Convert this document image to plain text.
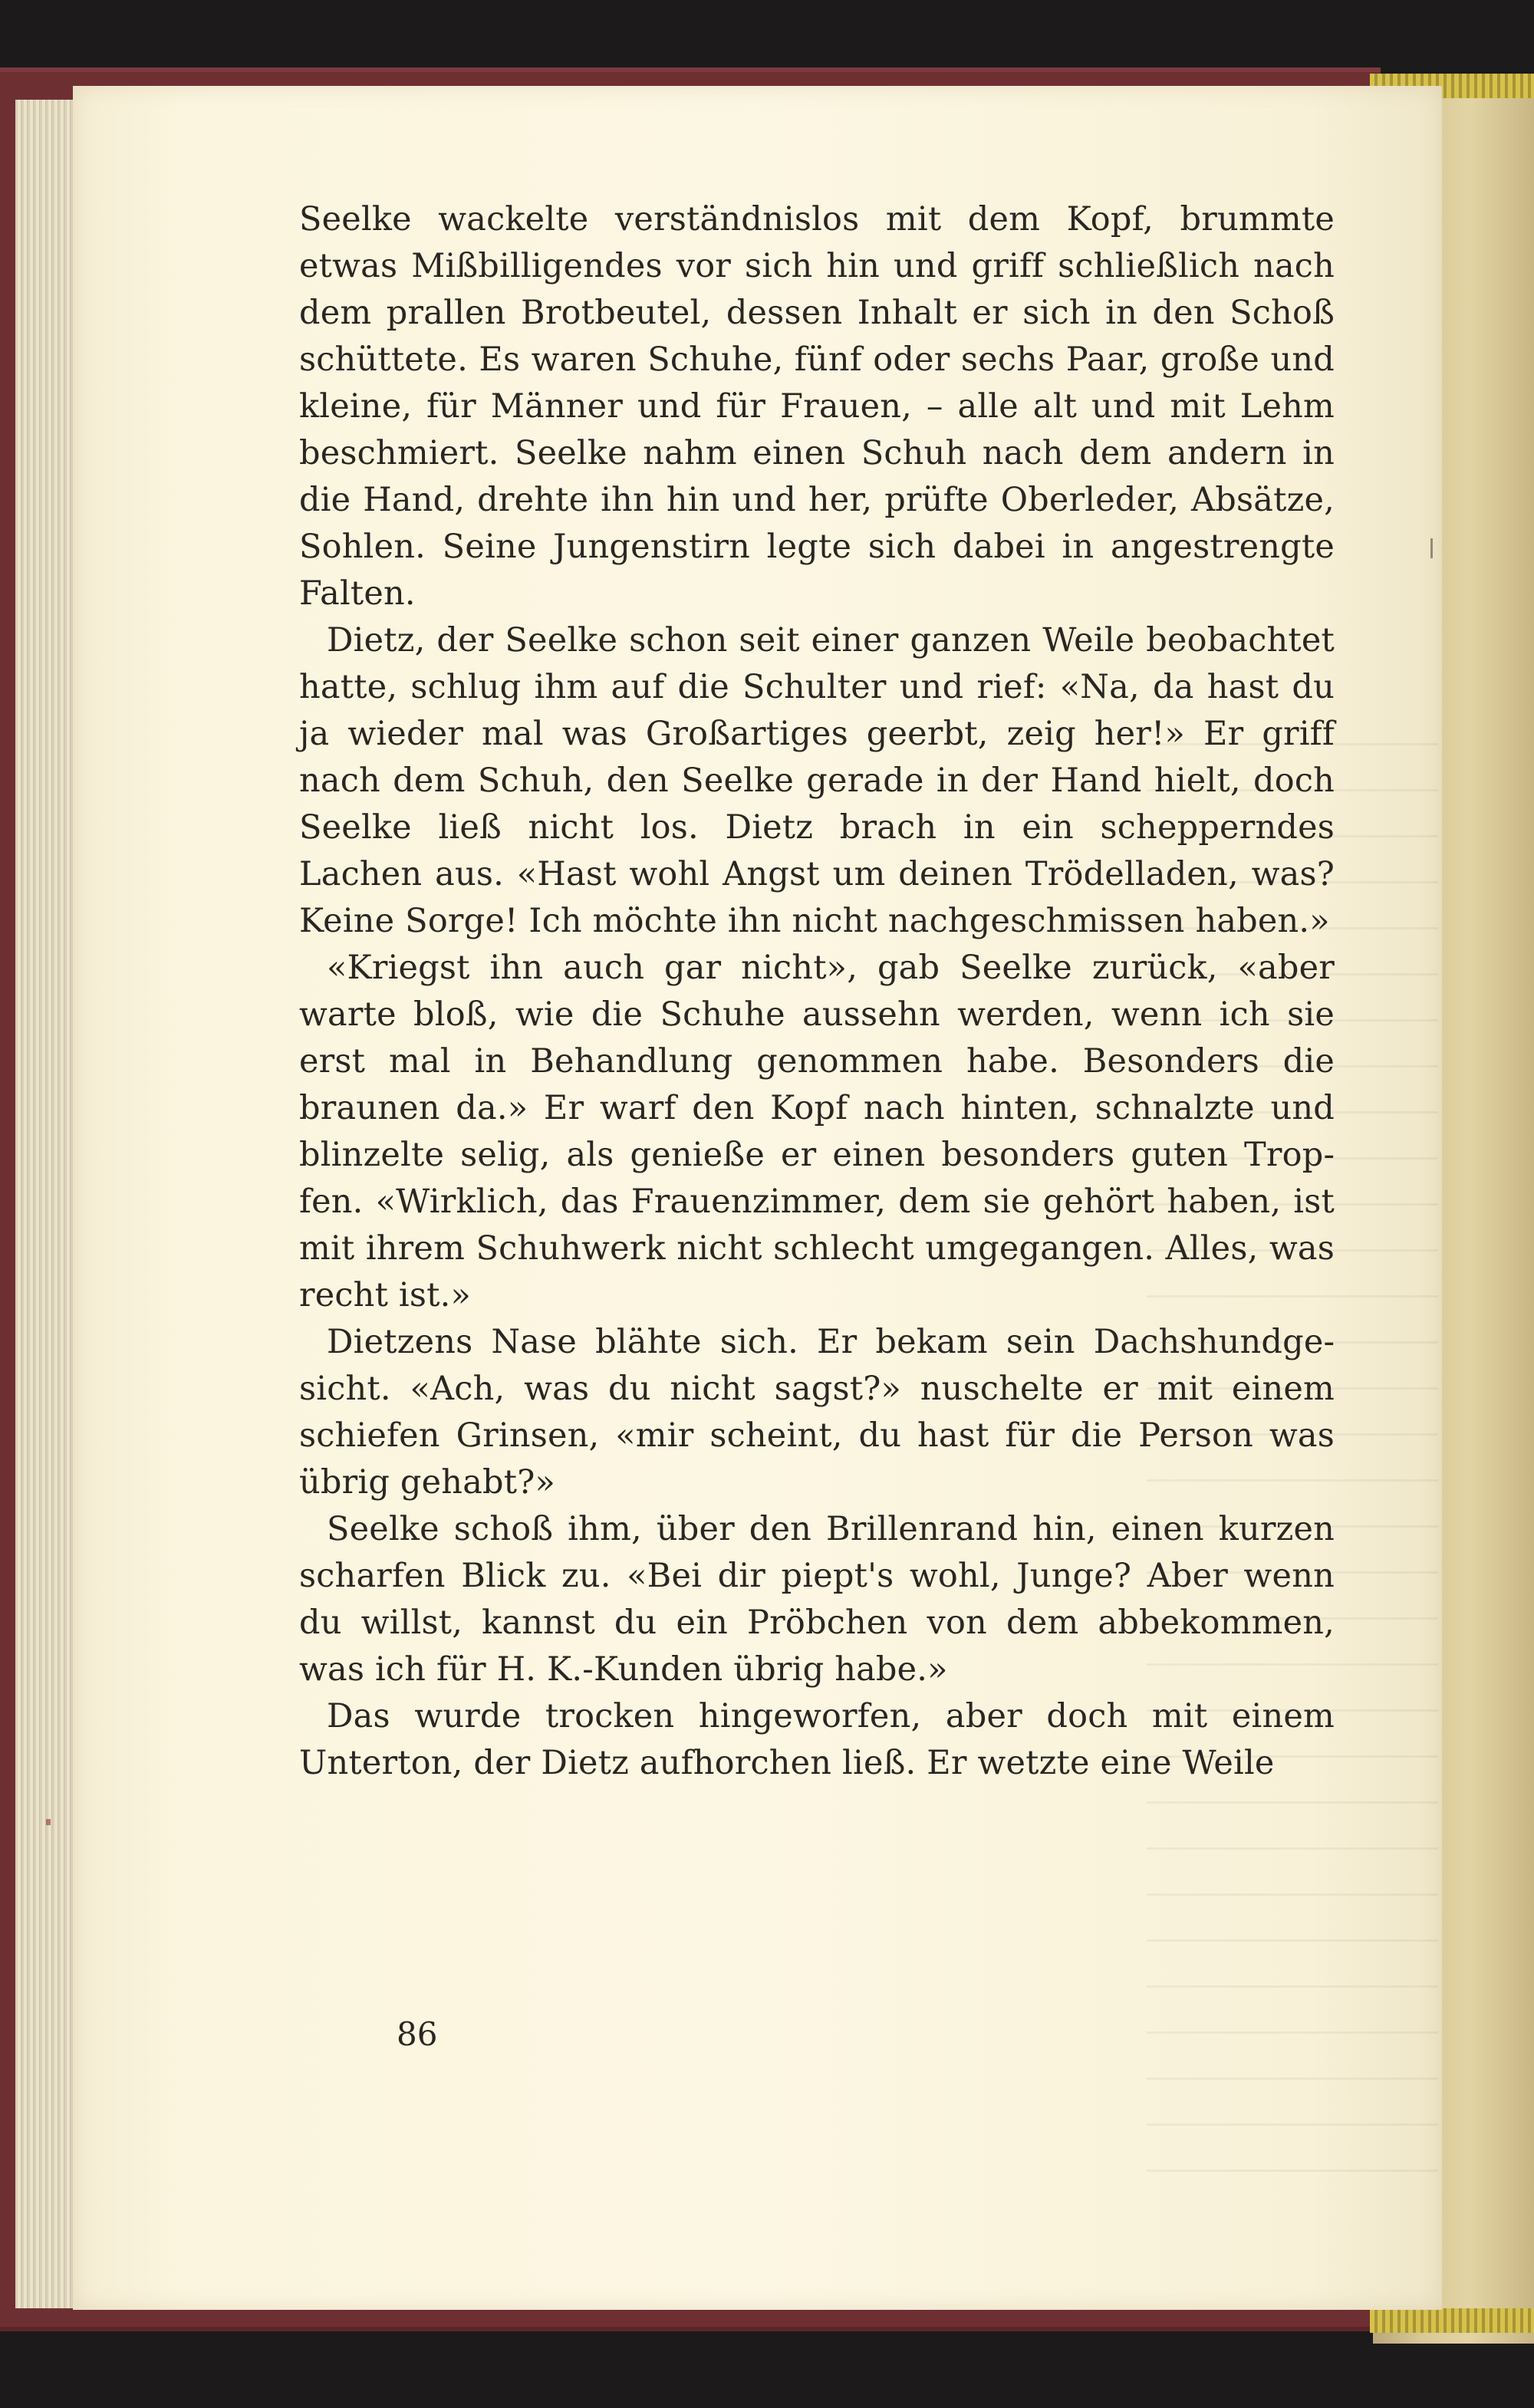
Seelke wackelte verständnislos mit dem Kopf, brummte etwas Mißbilligendes vor sich hin und griff schließlich nach dem prallen Brotbeutel, dessen Inhalt er sich in den Schoß schüttete. Es waren Schuhe, fünf oder sechs Paar, große und kleine, für Männer und für Frauen, – alle alt und mit Lehm beschmiert. Seelke nahm einen Schuh nach dem andern in die Hand, drehte ihn hin und her, prüfte Oberleder, Absätze, Sohlen. Seine Jungenstirn legte sich dabei in angestrengte Falten.

Dietz, der Seelke schon seit einer ganzen Weile beobachtet hatte, schlug ihm auf die Schulter und rief: «Na, da hast du ja wieder mal was Großartiges geerbt, zeig her!» Er griff nach dem Schuh, den Seelke gerade in der Hand hielt, doch Seelke ließ nicht los. Dietz brach in ein schepperndes Lachen aus. «Hast wohl Angst um deinen Trödelladen, was? Keine Sorge! Ich möchte ihn nicht nachgeschmissen haben.»

«Kriegst ihn auch gar nicht», gab Seelke zurück, «aber warte bloß, wie die Schuhe aussehn werden, wenn ich sie erst mal in Behandlung genommen habe. Besonders die braunen da.» Er warf den Kopf nach hinten, schnalzte und blinzelte selig, als genieße er einen besonders guten Tropfen. «Wirklich, das Frauenzimmer, dem sie gehört haben, ist mit ihrem Schuhwerk nicht schlecht umgegangen. Alles, was recht ist.»

Dietzens Nase blähte sich. Er bekam sein Dachshundgesicht. «Ach, was du nicht sagst?» nuschelte er mit einem schiefen Grinsen, «mir scheint, du hast für die Person was übrig gehabt?»

Seelke schoß ihm, über den Brillenrand hin, einen kurzen scharfen Blick zu. «Bei dir piept's wohl, Junge? Aber wenn du willst, kannst du ein Pröbchen von dem abbekommen, was ich für H. K.-Kunden übrig habe.»

Das wurde trocken hingeworfen, aber doch mit einem Unterton, der Dietz aufhorchen ließ. Er wetzte eine Weile

86
